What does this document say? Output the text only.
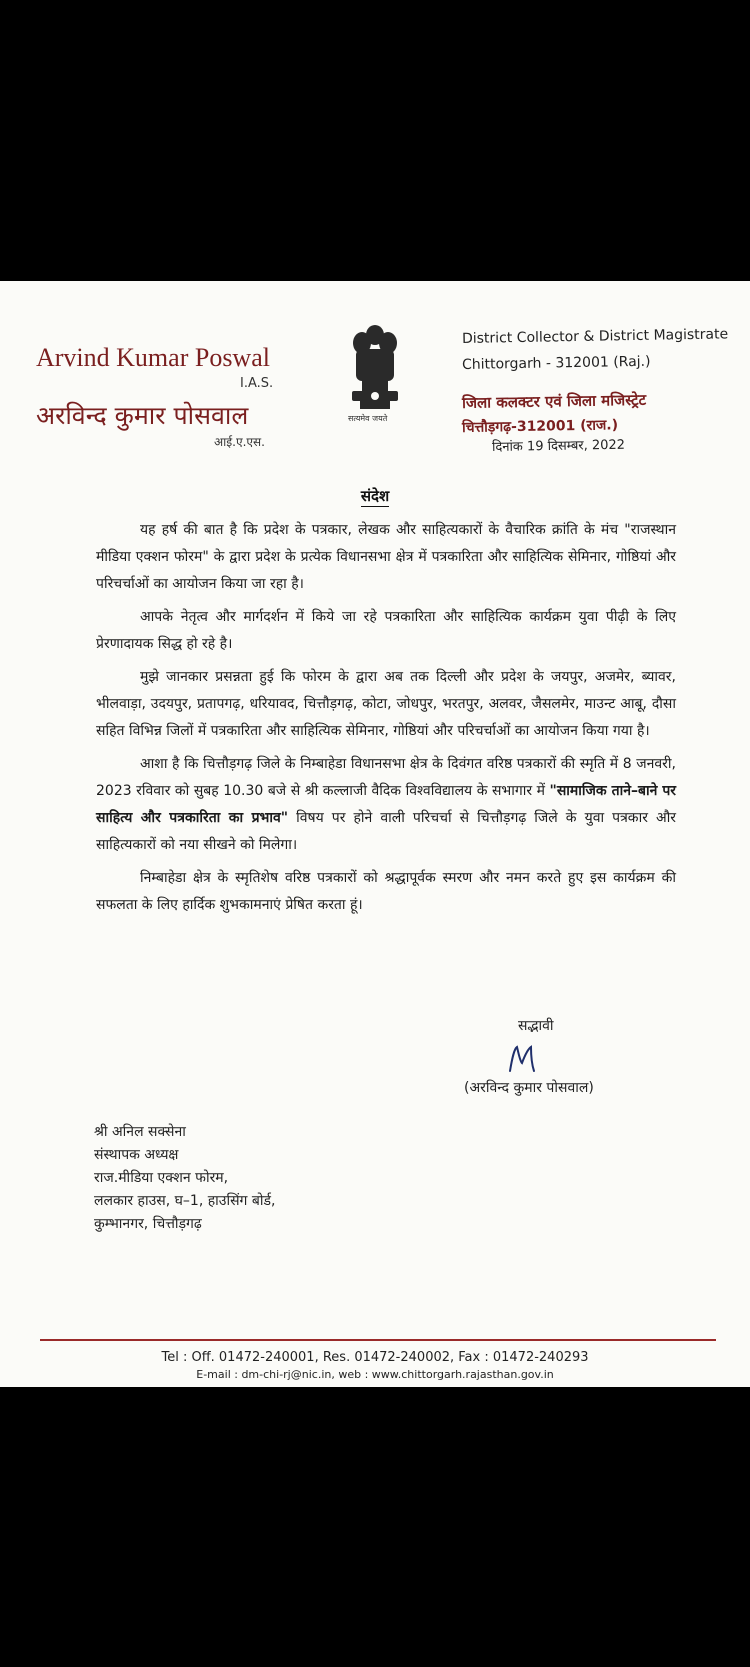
Arvind Kumar Poswal
I.A.S.
अरविन्द कुमार पोसवाल
आई.ए.एस.
सत्यमेव जयते
District Collector & District Magistrate
Chittorgarh - 312001 (Raj.)
जिला कलक्टर एवं जिला मजिस्ट्रेट
चित्तौड़गढ़-312001 (राज.)
दिनांक 19 दिसम्बर, 2022
संदेश

यह हर्ष की बात है कि प्रदेश के पत्रकार, लेखक और साहित्यकारों के वैचारिक क्रांति के मंच "राजस्थान मीडिया एक्शन फोरम" के द्वारा प्रदेश के प्रत्येक विधानसभा क्षेत्र में पत्रकारिता और साहित्यिक सेमिनार, गोष्ठियां और परिचर्चाओं का आयोजन किया जा रहा है।

आपके नेतृत्व और मार्गदर्शन में किये जा रहे पत्रकारिता और साहित्यिक कार्यक्रम युवा पीढ़ी के लिए प्रेरणादायक सिद्ध हो रहे है।

मुझे जानकार प्रसन्नता हुई कि फोरम के द्वारा अब तक दिल्ली और प्रदेश के जयपुर, अजमेर, ब्यावर, भीलवाड़ा, उदयपुर, प्रतापगढ़, धरियावद, चित्तौड़गढ़, कोटा, जोधपुर, भरतपुर, अलवर, जैसलमेर, माउन्ट आबू, दौसा सहित विभिन्न जिलों में पत्रकारिता और साहित्यिक सेमिनार, गोष्ठियां और परिचर्चाओं का आयोजन किया गया है।

आशा है कि चित्तौड़गढ़ जिले के निम्बाहेडा विधानसभा क्षेत्र के दिवंगत वरिष्ठ पत्रकारों की स्मृति में 8 जनवरी, 2023 रविवार को सुबह 10.30 बजे से श्री कल्लाजी वैदिक विश्वविद्यालय के सभागार में "सामाजिक ताने–बाने पर साहित्य और पत्रकारिता का प्रभाव" विषय पर होने वाली परिचर्चा से चित्तौड़गढ़ जिले के युवा पत्रकार और साहित्यकारों को नया सीखने को मिलेगा।

निम्बाहेडा क्षेत्र के स्मृतिशेष वरिष्ठ पत्रकारों को श्रद्धापूर्वक स्मरण और नमन करते हुए इस कार्यक्रम की सफलता के लिए हार्दिक शुभकामनाएं प्रेषित करता हूं।

सद्भावी
(अरविन्द कुमार पोसवाल)
श्री अनिल सक्सेना
संस्थापक अध्यक्ष
राज.मीडिया एक्शन फोरम,
ललकार हाउस, घ–1, हाउसिंग बोर्ड,
कुम्भानगर, चित्तौड़गढ़
Tel : Off. 01472-240001, Res. 01472-240002, Fax : 01472-240293
E-mail : dm-chi-rj@nic.in, web : www.chittorgarh.rajasthan.gov.in
